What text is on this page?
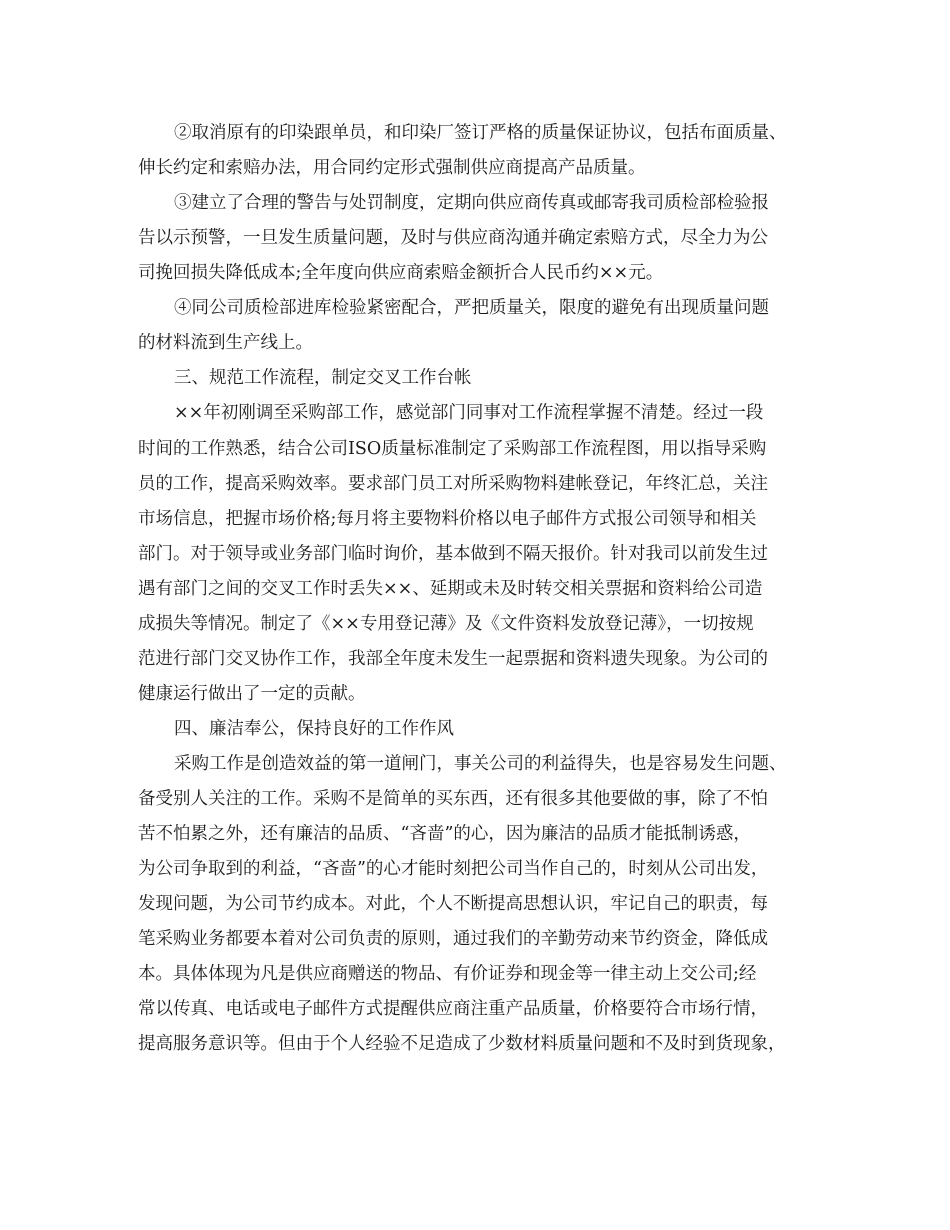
②取消原有的印染跟单员，和印染厂签订严格的质量保证协议，包括布面质量、
伸长约定和索赔办法，用合同约定形式强制供应商提高产品质量。
③建立了合理的警告与处罚制度，定期向供应商传真或邮寄我司质检部检验报
告以示预警，一旦发生质量问题，及时与供应商沟通并确定索赔方式，尽全力为公
司挽回损失降低成本;全年度向供应商索赔金额折合人民币约××元。
④同公司质检部进库检验紧密配合，严把质量关，限度的避免有出现质量问题
的材料流到生产线上。
三、规范工作流程，制定交叉工作台帐
××年初刚调至采购部工作，感觉部门同事对工作流程掌握不清楚。经过一段
时间的工作熟悉，结合公司ISO质量标准制定了采购部工作流程图，用以指导采购
员的工作，提高采购效率。要求部门员工对所采购物料建帐登记，年终汇总，关注
市场信息，把握市场价格;每月将主要物料价格以电子邮件方式报公司领导和相关
部门。对于领导或业务部门临时询价，基本做到不隔天报价。针对我司以前发生过
遇有部门之间的交叉工作时丢失××、延期或未及时转交相关票据和资料给公司造
成损失等情况。制定了《××专用登记薄》及《文件资料发放登记薄》，一切按规
范进行部门交叉协作工作，我部全年度未发生一起票据和资料遗失现象。为公司的
健康运行做出了一定的贡献。
四、廉洁奉公，保持良好的工作作风
采购工作是创造效益的第一道闸门，事关公司的利益得失，也是容易发生问题、
备受别人关注的工作。采购不是简单的买东西，还有很多其他要做的事，除了不怕
苦不怕累之外，还有廉洁的品质、“吝啬”的心，因为廉洁的品质才能抵制诱惑，
为公司争取到的利益，“吝啬”的心才能时刻把公司当作自己的，时刻从公司出发，
发现问题，为公司节约成本。对此，个人不断提高思想认识，牢记自己的职责，每
笔采购业务都要本着对公司负责的原则，通过我们的辛勤劳动来节约资金，降低成
本。具体体现为凡是供应商赠送的物品、有价证券和现金等一律主动上交公司;经
常以传真、电话或电子邮件方式提醒供应商注重产品质量，价格要符合市场行情，
提高服务意识等。但由于个人经验不足造成了少数材料质量问题和不及时到货现象，
